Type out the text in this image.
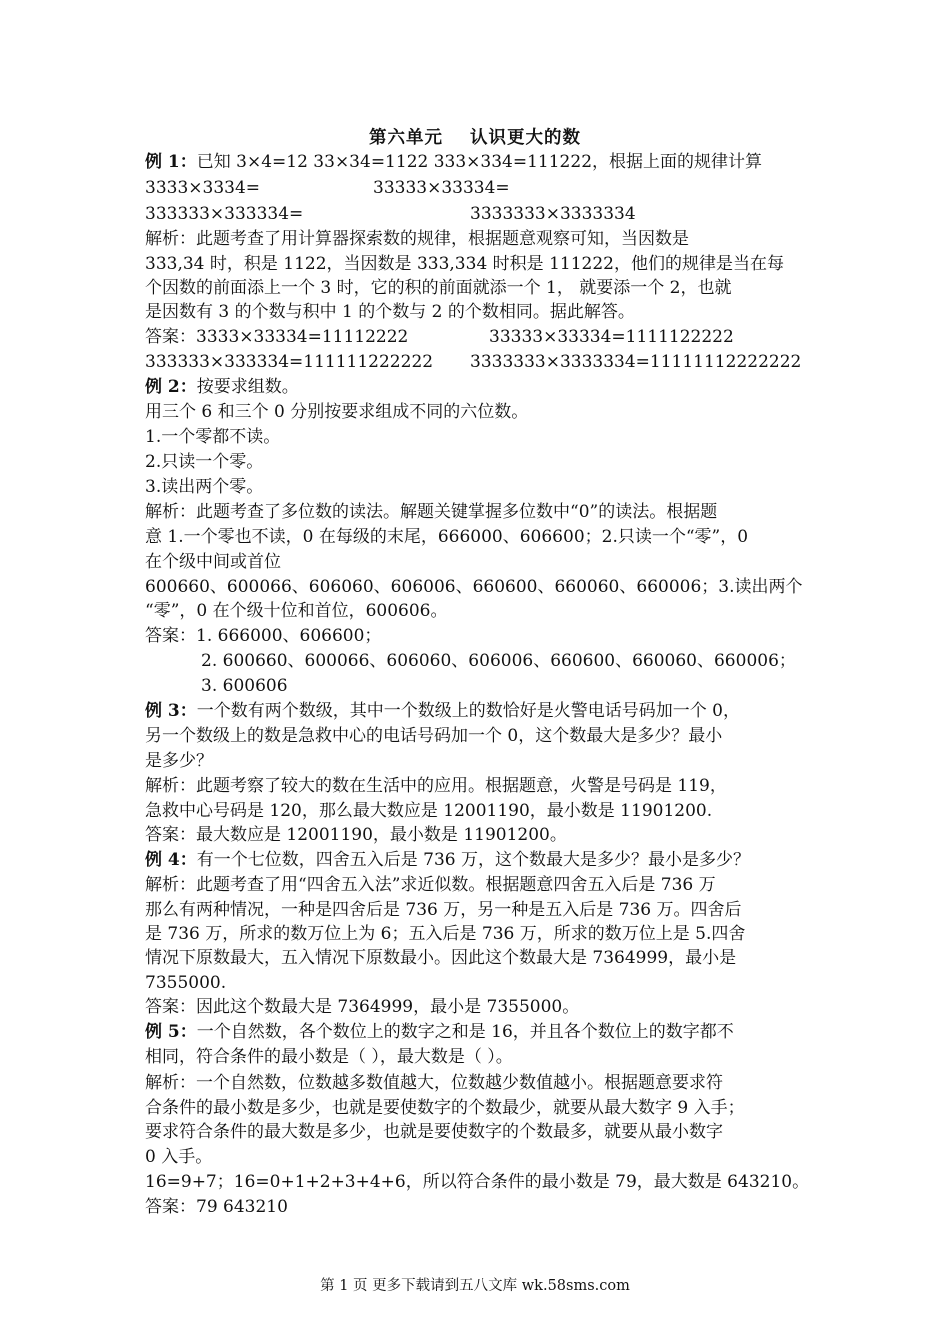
第六单元 认识更大的数
例 1：已知 3×4=12 33×34=1122 333×334=111222，根据上面的规律计算
3333×3334=	33333×33334=
333333×333334=	3333333×3333334
解析：此题考查了用计算器探索数的规律，根据题意观察可知，当因数是
333,34 时，积是 1122，当因数是 333,334 时积是 111222，他们的规律是当在每
个因数的前面添上一个 3 时，它的积的前面就添一个 1， 就要添一个 2，也就
是因数有 3 的个数与积中 1 的个数与 2 的个数相同。据此解答。
答案：3333×33334=11112222	33333×33334=1111122222
333333×333334=111111222222 3333333×3333334=11111112222222
例 2：按要求组数。
用三个 6 和三个 0 分别按要求组成不同的六位数。
1.一个零都不读。
2.只读一个零。
3.读出两个零。
解析：此题考查了多位数的读法。解题关键掌握多位数中“0”的读法。根据题
意 1.一个零也不读，0 在每级的末尾，666000、606600；2.只读一个“零”，0
在个级中间或首位
600660、600066、606060、606006、660600、660060、660006；3.读出两个
“零”，0 在个级十位和首位，600606。
答案：1. 666000、606600；
2. 600660、600066、606060、606006、660600、660060、660006；
3. 600606
例 3：一个数有两个数级，其中一个数级上的数恰好是火警电话号码加一个 0，
另一个数级上的数是急救中心的电话号码加一个 0，这个数最大是多少？最小
是多少？
解析：此题考察了较大的数在生活中的应用。根据题意，火警是号码是 119，
急救中心号码是 120，那么最大数应是 12001190，最小数是 11901200.
答案：最大数应是 12001190，最小数是 11901200。
例 4：有一个七位数，四舍五入后是 736 万，这个数最大是多少？最小是多少？
解析：此题考查了用“四舍五入法”求近似数。根据题意四舍五入后是 736 万
那么有两种情况，一种是四舍后是 736 万，另一种是五入后是 736 万。四舍后
是 736 万，所求的数万位上为 6；五入后是 736 万，所求的数万位上是 5.四舍
情况下原数最大，五入情况下原数最小。因此这个数最大是 7364999，最小是
7355000.
答案：因此这个数最大是 7364999，最小是 7355000。
例 5：一个自然数，各个数位上的数字之和是 16，并且各个数位上的数字都不
相同，符合条件的最小数是（ ），最大数是（ ）。
解析：一个自然数，位数越多数值越大，位数越少数值越小。根据题意要求符
合条件的最小数是多少，也就是要使数字的个数最少，就要从最大数字 9 入手；
要求符合条件的最大数是多少，也就是要使数字的个数最多，就要从最小数字
0 入手。
16=9+7；16=0+1+2+3+4+6，所以符合条件的最小数是 79，最大数是 643210。
答案：79 643210
第 1 页 更多下载请到五八文库 wk.58sms.com
